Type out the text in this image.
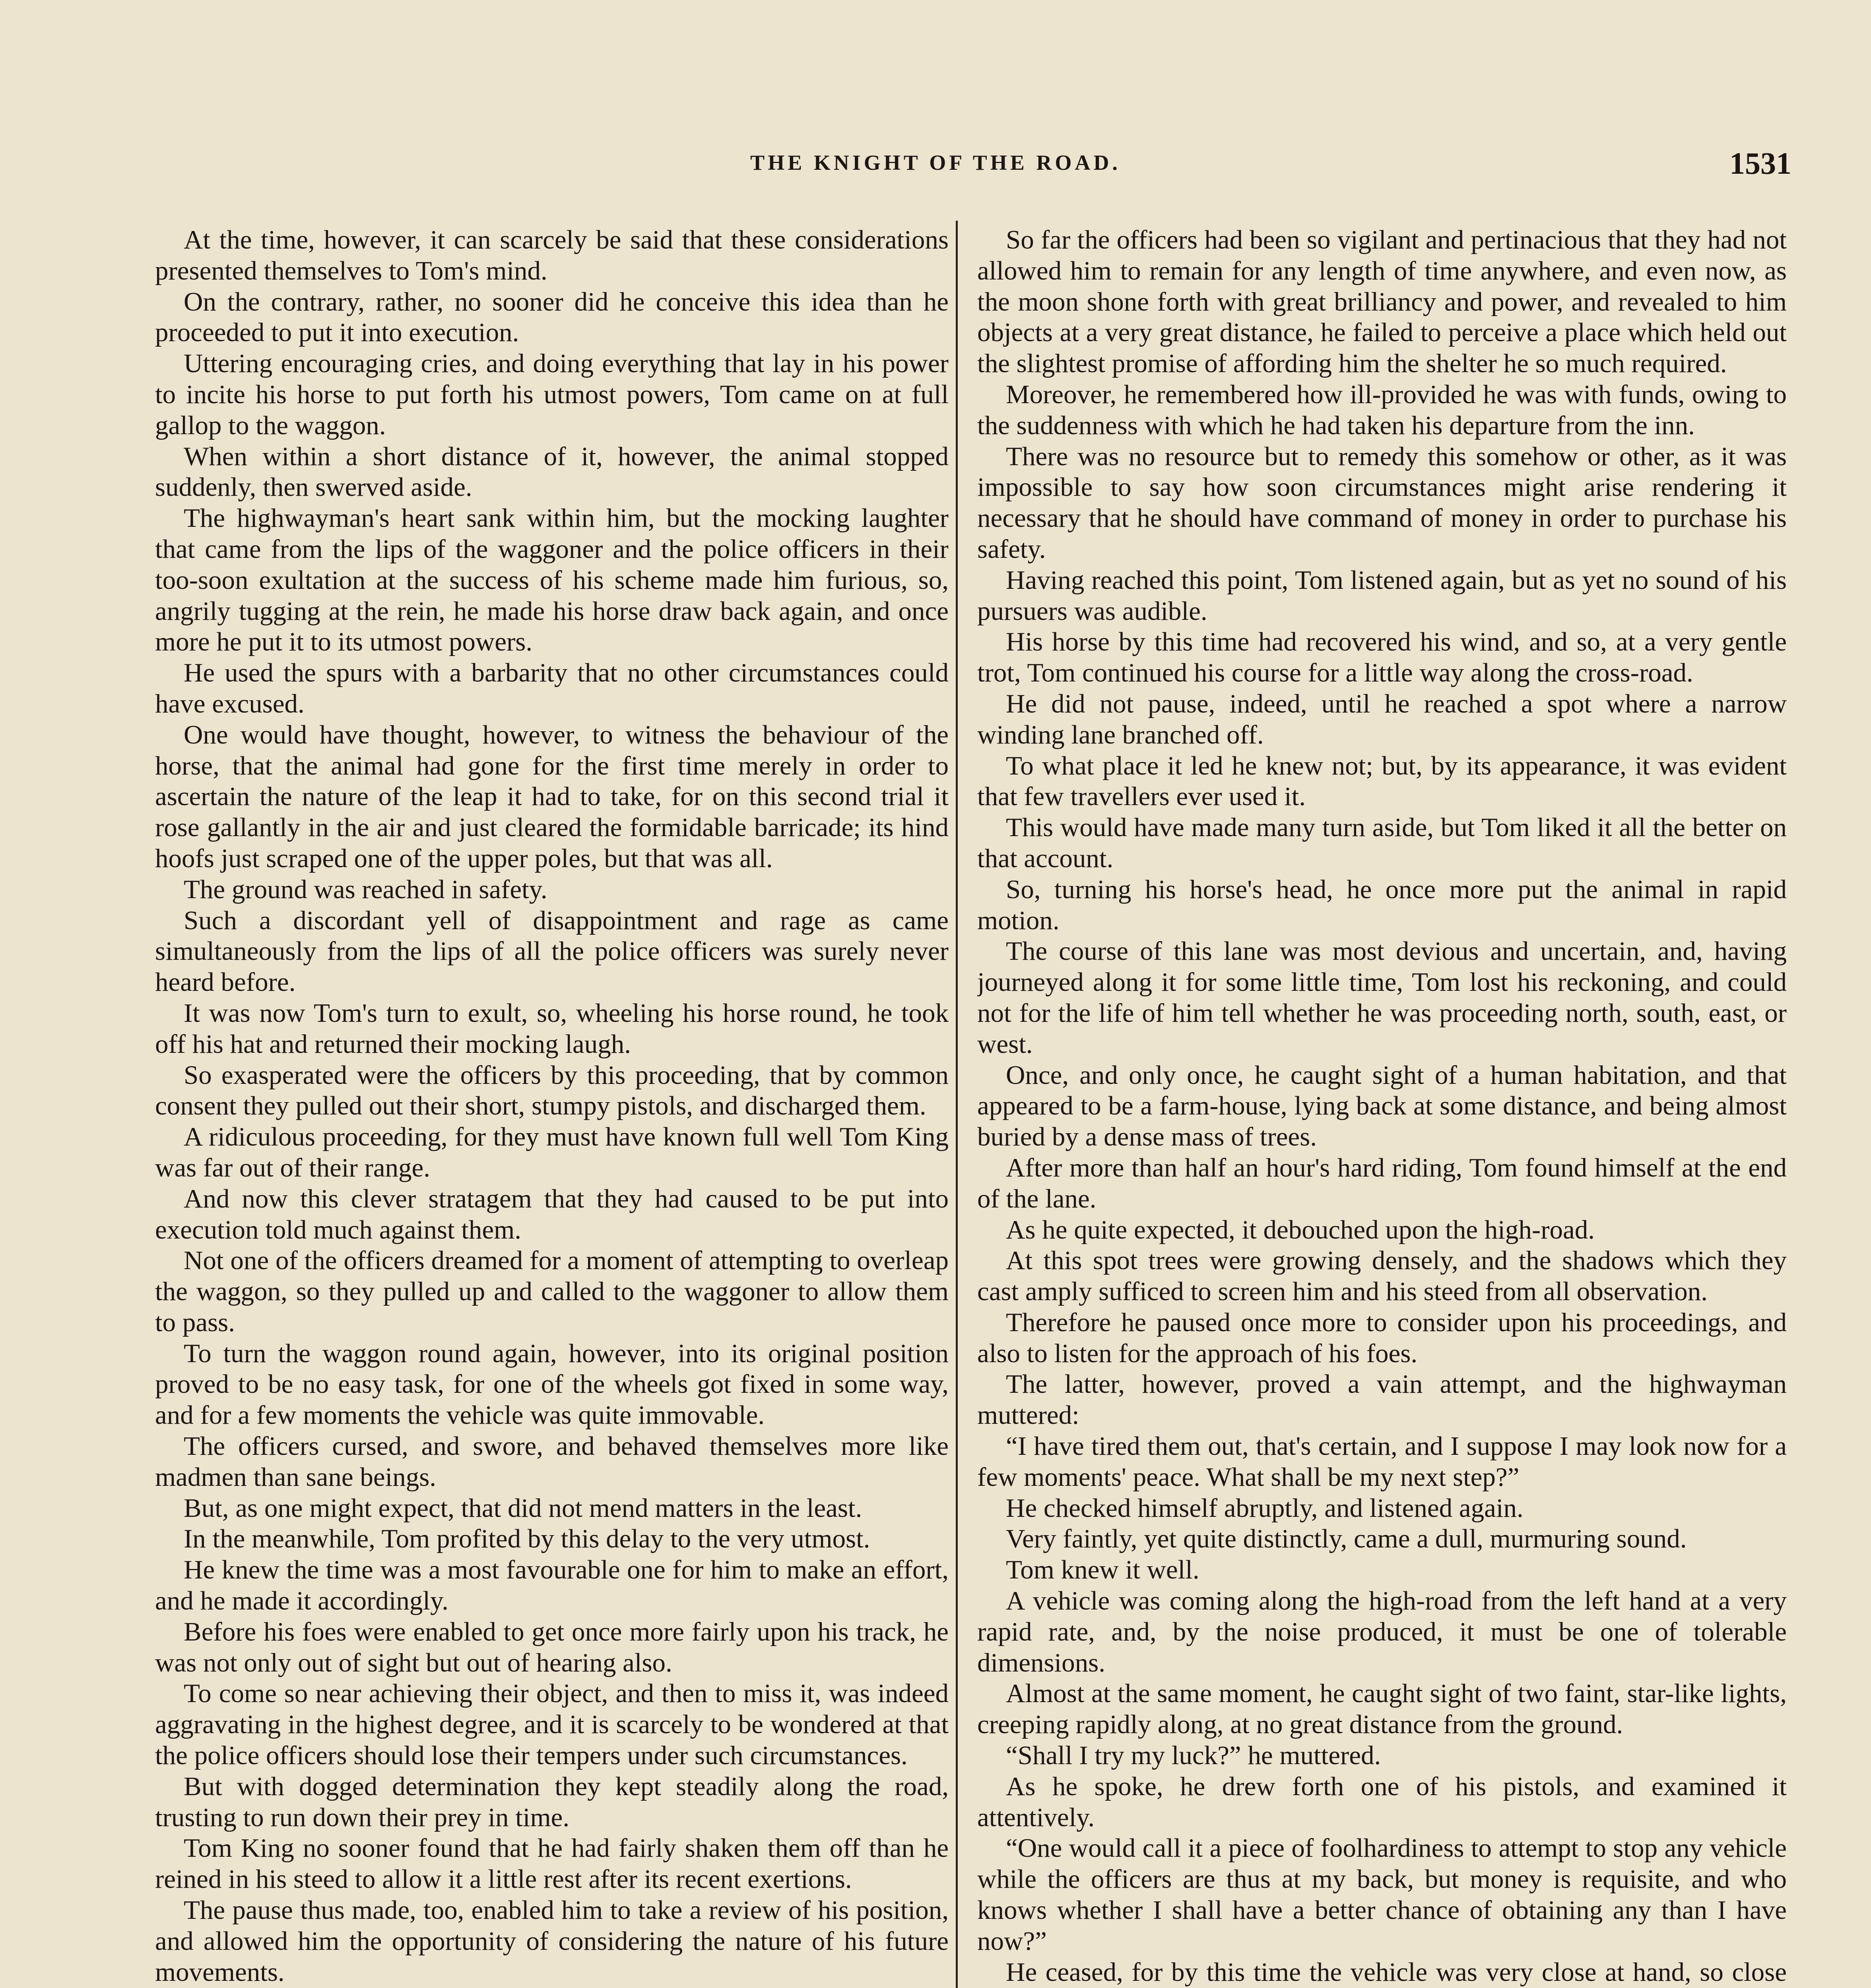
THE KNIGHT OF THE ROAD.	1531

At the time, however, it can scarcely be said that these considerations presented themselves to Tom's mind.

On the contrary, rather, no sooner did he conceive this idea than he proceeded to put it into execution.

Uttering encouraging cries, and doing everything that lay in his power to incite his horse to put forth his utmost powers, Tom came on at full gallop to the waggon.

When within a short distance of it, however, the animal stopped suddenly, then swerved aside.

The highwayman's heart sank within him, but the mocking laughter that came from the lips of the waggoner and the police officers in their too-soon exultation at the success of his scheme made him furious, so, angrily tugging at the rein, he made his horse draw back again, and once more he put it to its utmost powers.

He used the spurs with a barbarity that no other circumstances could have excused.

One would have thought, however, to witness the behaviour of the horse, that the animal had gone for the first time merely in order to ascertain the nature of the leap it had to take, for on this second trial it rose gallantly in the air and just cleared the formidable barricade; its hind hoofs just scraped one of the upper poles, but that was all.

The ground was reached in safety.

Such a discordant yell of disappointment and rage as came simultaneously from the lips of all the police officers was surely never heard before.

It was now Tom's turn to exult, so, wheeling his horse round, he took off his hat and returned their mocking laugh.

So exasperated were the officers by this proceeding, that by common consent they pulled out their short, stumpy pistols, and discharged them.

A ridiculous proceeding, for they must have known full well Tom King was far out of their range.

And now this clever stratagem that they had caused to be put into execution told much against them.

Not one of the officers dreamed for a moment of attempting to overleap the waggon, so they pulled up and called to the waggoner to allow them to pass.

To turn the waggon round again, however, into its original position proved to be no easy task, for one of the wheels got fixed in some way, and for a few moments the vehicle was quite immovable.

The officers cursed, and swore, and behaved themselves more like madmen than sane beings.

But, as one might expect, that did not mend matters in the least.

In the meanwhile, Tom profited by this delay to the very utmost.

He knew the time was a most favourable one for him to make an effort, and he made it accordingly.

Before his foes were enabled to get once more fairly upon his track, he was not only out of sight but out of hearing also.

To come so near achieving their object, and then to miss it, was indeed aggravating in the highest degree, and it is scarcely to be wondered at that the police officers should lose their tempers under such circumstances.

But with dogged determination they kept steadily along the road, trusting to run down their prey in time.

Tom King no sooner found that he had fairly shaken them off than he reined in his steed to allow it a little rest after its recent exertions.

The pause thus made, too, enabled him to take a review of his position, and allowed him the opportunity of considering the nature of his future movements.

So far the officers had been so vigilant and pertinacious that they had not allowed him to remain for any length of time anywhere, and even now, as the moon shone forth with great brilliancy and power, and revealed to him objects at a very great distance, he failed to perceive a place which held out the slightest promise of affording him the shelter he so much required.

Moreover, he remembered how ill-provided he was with funds, owing to the suddenness with which he had taken his departure from the inn.

There was no resource but to remedy this somehow or other, as it was impossible to say how soon circumstances might arise rendering it necessary that he should have command of money in order to purchase his safety.

Having reached this point, Tom listened again, but as yet no sound of his pursuers was audible.

His horse by this time had recovered his wind, and so, at a very gentle trot, Tom continued his course for a little way along the cross-road.

He did not pause, indeed, until he reached a spot where a narrow winding lane branched off.

To what place it led he knew not; but, by its appearance, it was evident that few travellers ever used it.

This would have made many turn aside, but Tom liked it all the better on that account.

So, turning his horse's head, he once more put the animal in rapid motion.

The course of this lane was most devious and uncertain, and, having journeyed along it for some little time, Tom lost his reckoning, and could not for the life of him tell whether he was proceeding north, south, east, or west.

Once, and only once, he caught sight of a human habitation, and that appeared to be a farm-house, lying back at some distance, and being almost buried by a dense mass of trees.

After more than half an hour's hard riding, Tom found himself at the end of the lane.

As he quite expected, it debouched upon the high-road.

At this spot trees were growing densely, and the shadows which they cast amply sufficed to screen him and his steed from all observation.

Therefore he paused once more to consider upon his proceedings, and also to listen for the approach of his foes.

The latter, however, proved a vain attempt, and the highwayman muttered:

“I have tired them out, that's certain, and I suppose I may look now for a few moments' peace. What shall be my next step?”

He checked himself abruptly, and listened again.

Very faintly, yet quite distinctly, came a dull, murmuring sound.

Tom knew it well.

A vehicle was coming along the high-road from the left hand at a very rapid rate, and, by the noise produced, it must be one of tolerable dimensions.

Almost at the same moment, he caught sight of two faint, star-like lights, creeping rapidly along, at no great distance from the ground.

“Shall I try my luck?” he muttered.

As he spoke, he drew forth one of his pistols, and examined it attentively.

“One would call it a piece of foolhardiness to attempt to stop any vehicle while the officers are thus at my back, but money is requisite, and who knows whether I shall have a better chance of obtaining any than I have now?”

He ceased, for by this time the vehicle was very close at hand, so close
